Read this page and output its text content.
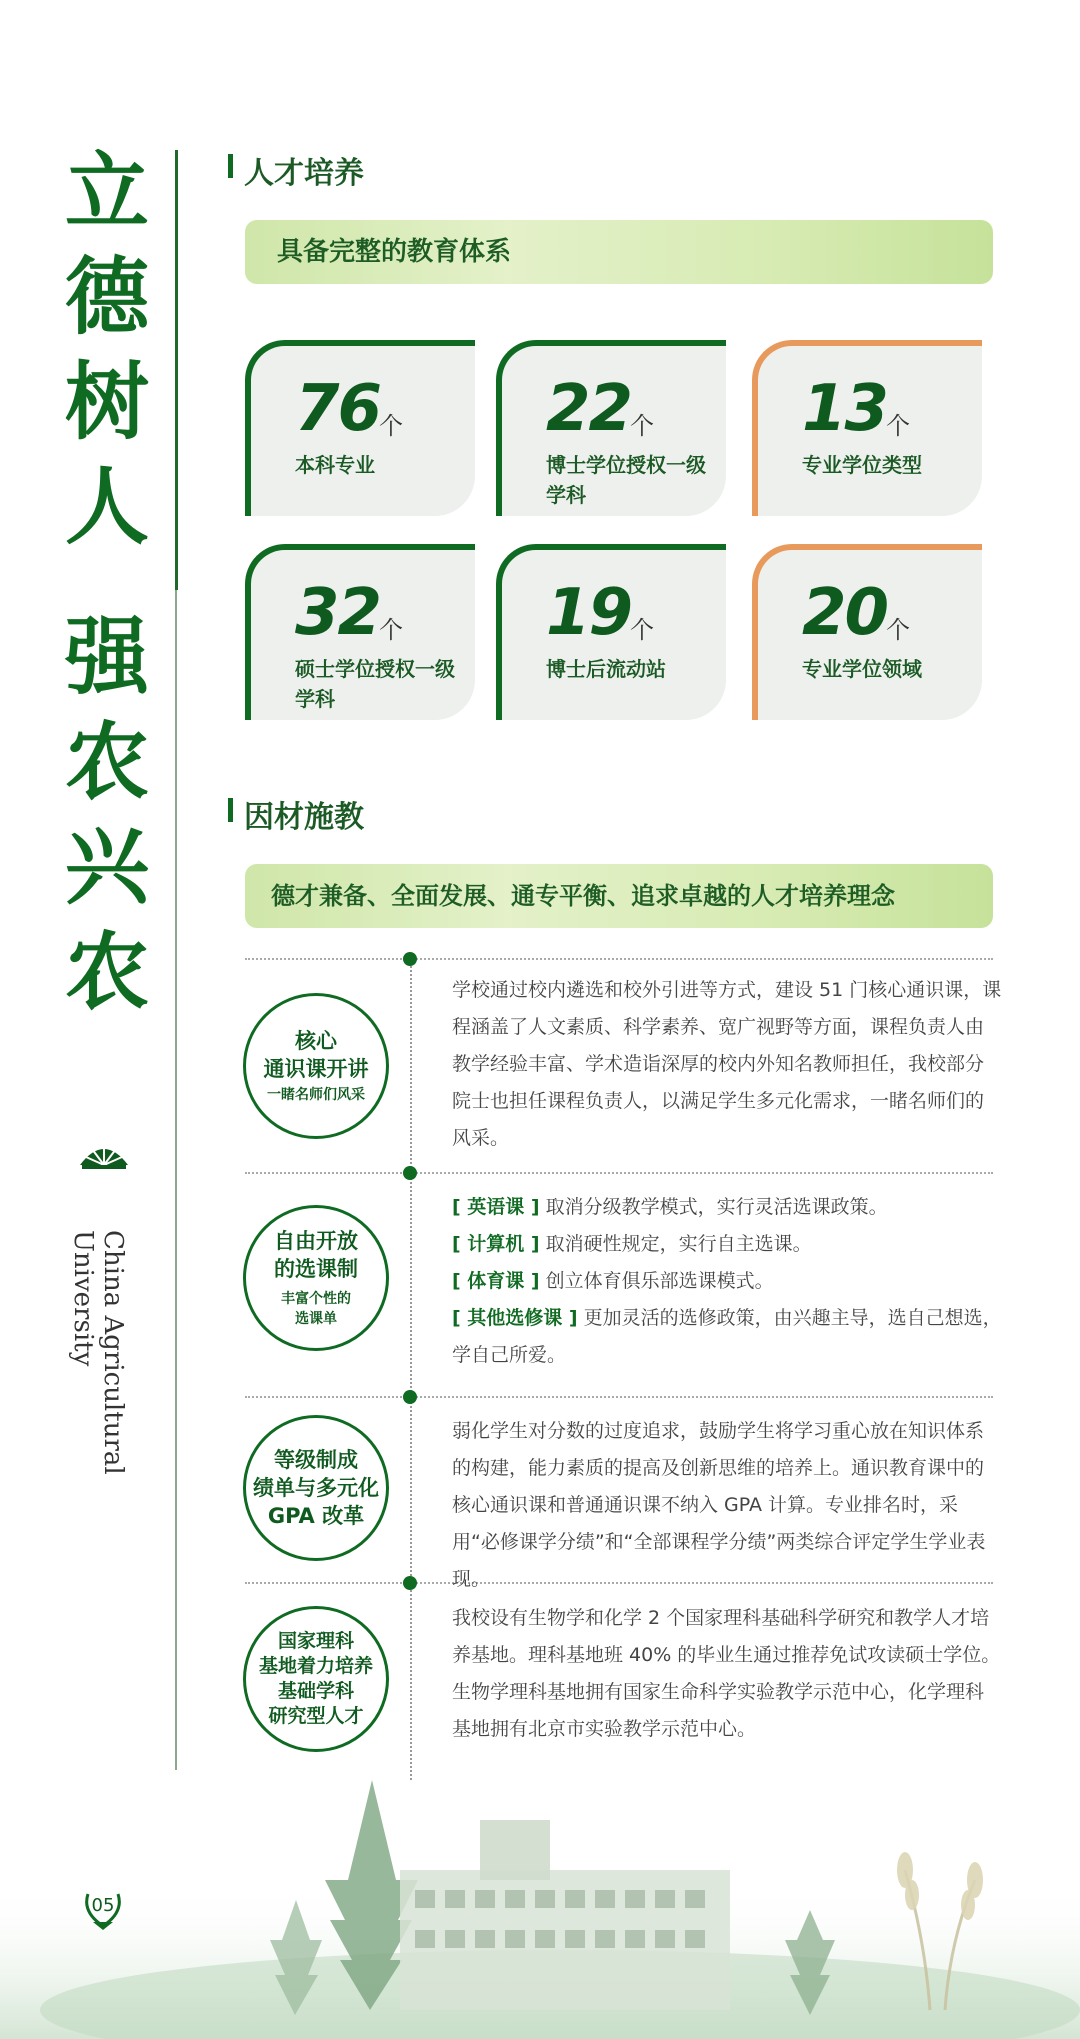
立
德
树
人
强
农
兴
农
China Agricultural
University
人才培养
具备完整的教育体系
76
个
本科专业
22
个
博士学位授权一级学科
13
个
专业学位类型
32
个
硕士学位授权一级学科
19
个
博士后流动站
20
个
专业学位领域
因材施教
德才兼备、全面发展、通专平衡、追求卓越的人才培养理念
核心
通识课开讲
一睹名师们风采
学校通过校内遴选和校外引进等方式，建设 51 门核心通识课，课程涵盖了人文素质、科学素养、宽广视野等方面，课程负责人由教学经验丰富、学术造诣深厚的校内外知名教师担任，我校部分院士也担任课程负责人，以满足学生多元化需求，一睹名师们的风采。
自由开放
的选课制
丰富个性的
选课单
[ 英语课 ] 取消分级教学模式，实行灵活选课政策。
[ 计算机 ] 取消硬性规定，实行自主选课。
[ 体育课 ] 创立体育俱乐部选课模式。
[ 其他选修课 ] 更加灵活的选修政策，由兴趣主导，选自己想选，学自己所爱。
等级制成
绩单与多元化
GPA 改革
弱化学生对分数的过度追求，鼓励学生将学习重心放在知识体系的构建，能力素质的提高及创新思维的培养上。通识教育课中的核心通识课和普通通识课不纳入 GPA 计算。专业排名时，采用“必修课学分绩”和“全部课程学分绩”两类综合评定学生学业表现。
国家理科
基地着力培养
基础学科
研究型人才
我校设有生物学和化学 2 个国家理科基础科学研究和教学人才培养基地。理科基地班 40% 的毕业生通过推荐免试攻读硕士学位。生物学理科基地拥有国家生命科学实验教学示范中心，化学理科基地拥有北京市实验教学示范中心。
05
